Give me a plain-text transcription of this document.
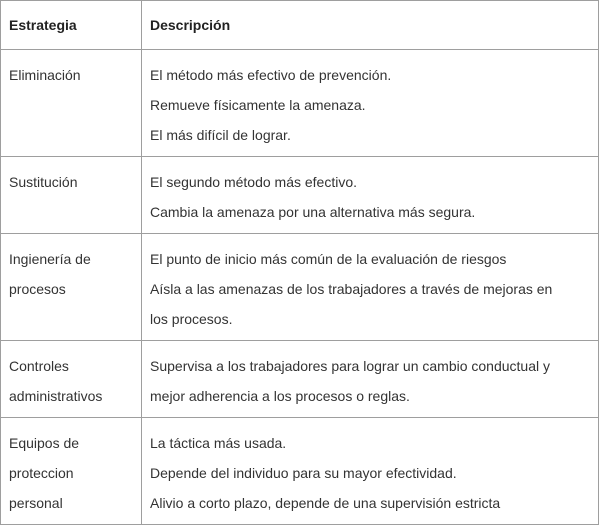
Estrategia	Descripción

Eliminación	El método más efectivo de prevención.
Remueve físicamente la amenaza.
El más difícil de lograr.

Sustitución	El segundo método más efectivo.
Cambia la amenaza por una alternativa más segura.

Ingienería de
procesos	El punto de inicio más común de la evaluación de riesgos
Aísla a las amenazas de los trabajadores a través de mejoras en
los procesos.

Controles
administrativos	Supervisa a los trabajadores para lograr un cambio conductual y
mejor adherencia a los procesos o reglas.

Equipos de
proteccion
personal	La táctica más usada.
Depende del individuo para su mayor efectividad.
Alivio a corto plazo, depende de una supervisión estricta
